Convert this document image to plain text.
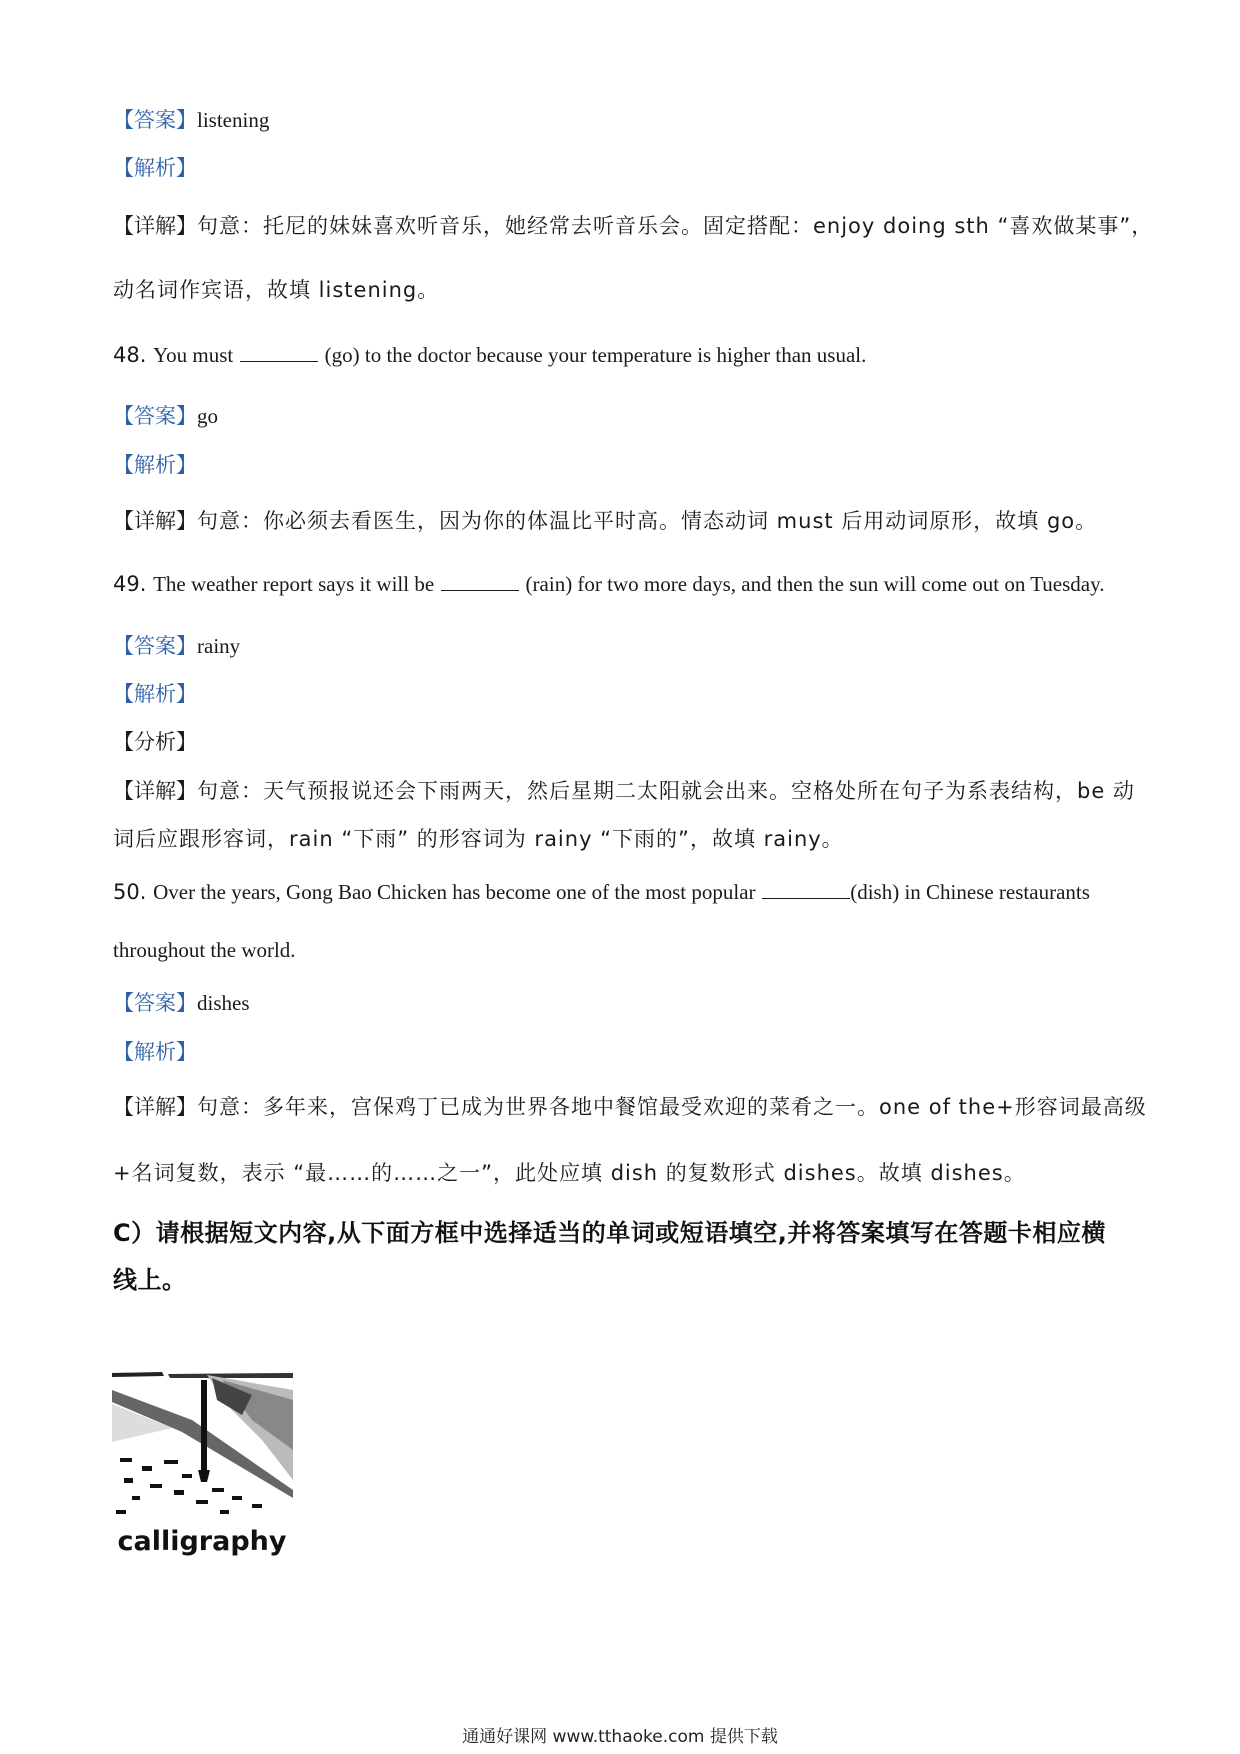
【答案】listening
【解析】
【详解】句意：托尼的妹妹喜欢听音乐，她经常去听音乐会。固定搭配：enjoy doing sth “喜欢做某事”，
动名词作宾语，故填 listening。
48. You must	(go) to the doctor because your temperature is higher than usual.
【答案】go
【解析】
【详解】句意：你必须去看医生，因为你的体温比平时高。情态动词 must 后用动词原形，故填 go。
49. The weather report says it will be	(rain) for two more days, and then the sun will come out on Tuesday.
【答案】rainy
【解析】
【分析】
【详解】句意：天气预报说还会下雨两天，然后星期二太阳就会出来。空格处所在句子为系表结构，be 动
词后应跟形容词，rain “下雨” 的形容词为 rainy “下雨的”，故填 rainy。
50. Over the years, Gong Bao Chicken has become one of the most popular	(dish) in Chinese restaurants
throughout the world.
【答案】dishes
【解析】
【详解】句意：多年来，宫保鸡丁已成为世界各地中餐馆最受欢迎的菜肴之一。one of the+形容词最高级
+名词复数，表示 “最……的……之一”，此处应填 dish 的复数形式 dishes。故填 dishes。
C）请根据短文内容,从下面方框中选择适当的单词或短语填空,并将答案填写在答题卡相应横
线上。
calligraphy
通通好课网 www.tthaoke.com 提供下载
